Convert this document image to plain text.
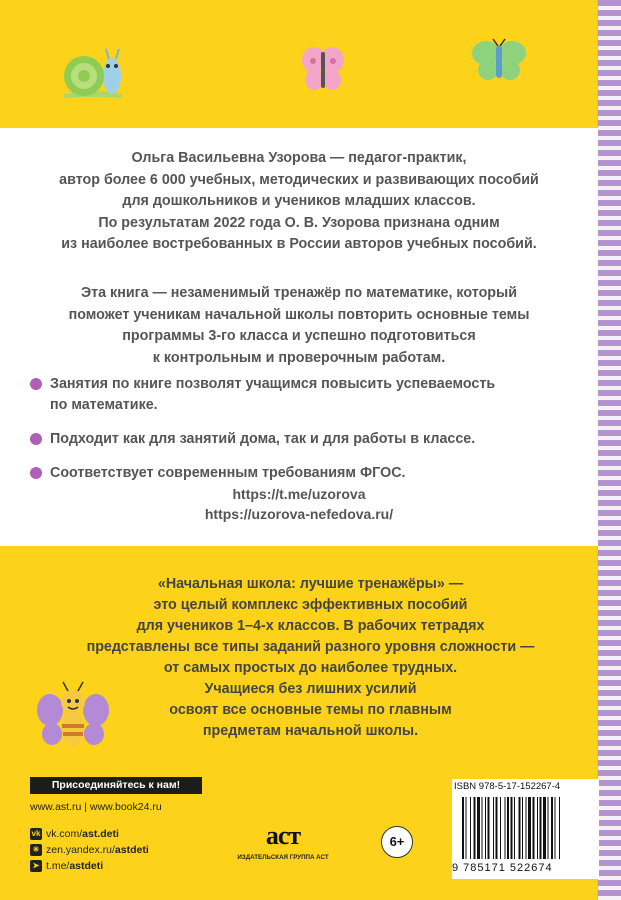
Ольга Васильевна Узорова — педагог-практик,
автор более 6 000 учебных, методических и развивающих пособий
для дошкольников и учеников младших классов.
По результатам 2022 года О. В. Узорова признана одним
из наиболее востребованных в России авторов учебных пособий.
Эта книга — незаменимый тренажёр по математике, который
поможет ученикам начальной школы повторить основные темы
программы 3-го класса и успешно подготовиться
к контрольным и проверочным работам.
Занятия по книге позволят учащимся повысить успеваемость
по математике.
Подходит как для занятий дома, так и для работы в классе.
Соответствует современным требованиям ФГОС.
https://t.me/uzorova
https://uzorova-nefedova.ru/
«Начальная школа: лучшие тренажёры» —
это целый комплекс эффективных пособий
для учеников 1–4-х классов. В рабочих тетрадях
представлены все типы заданий разного уровня сложности —
от самых простых до наиболее трудных.
Учащиеся без лишних усилий
освоят все основные темы по главным
предметам начальной школы.
Присоединяйтесь к нам!
www.ast.ru | www.book24.ru
vk vk.com/ ast.deti
✳ zen.yandex.ru/ astdeti
➤ t.me/ astdeti
аст
ИЗДАТЕЛЬСКАЯ ГРУППА АСТ
6+
ISBN 978-5-17-152267-4
9 785171 522674
